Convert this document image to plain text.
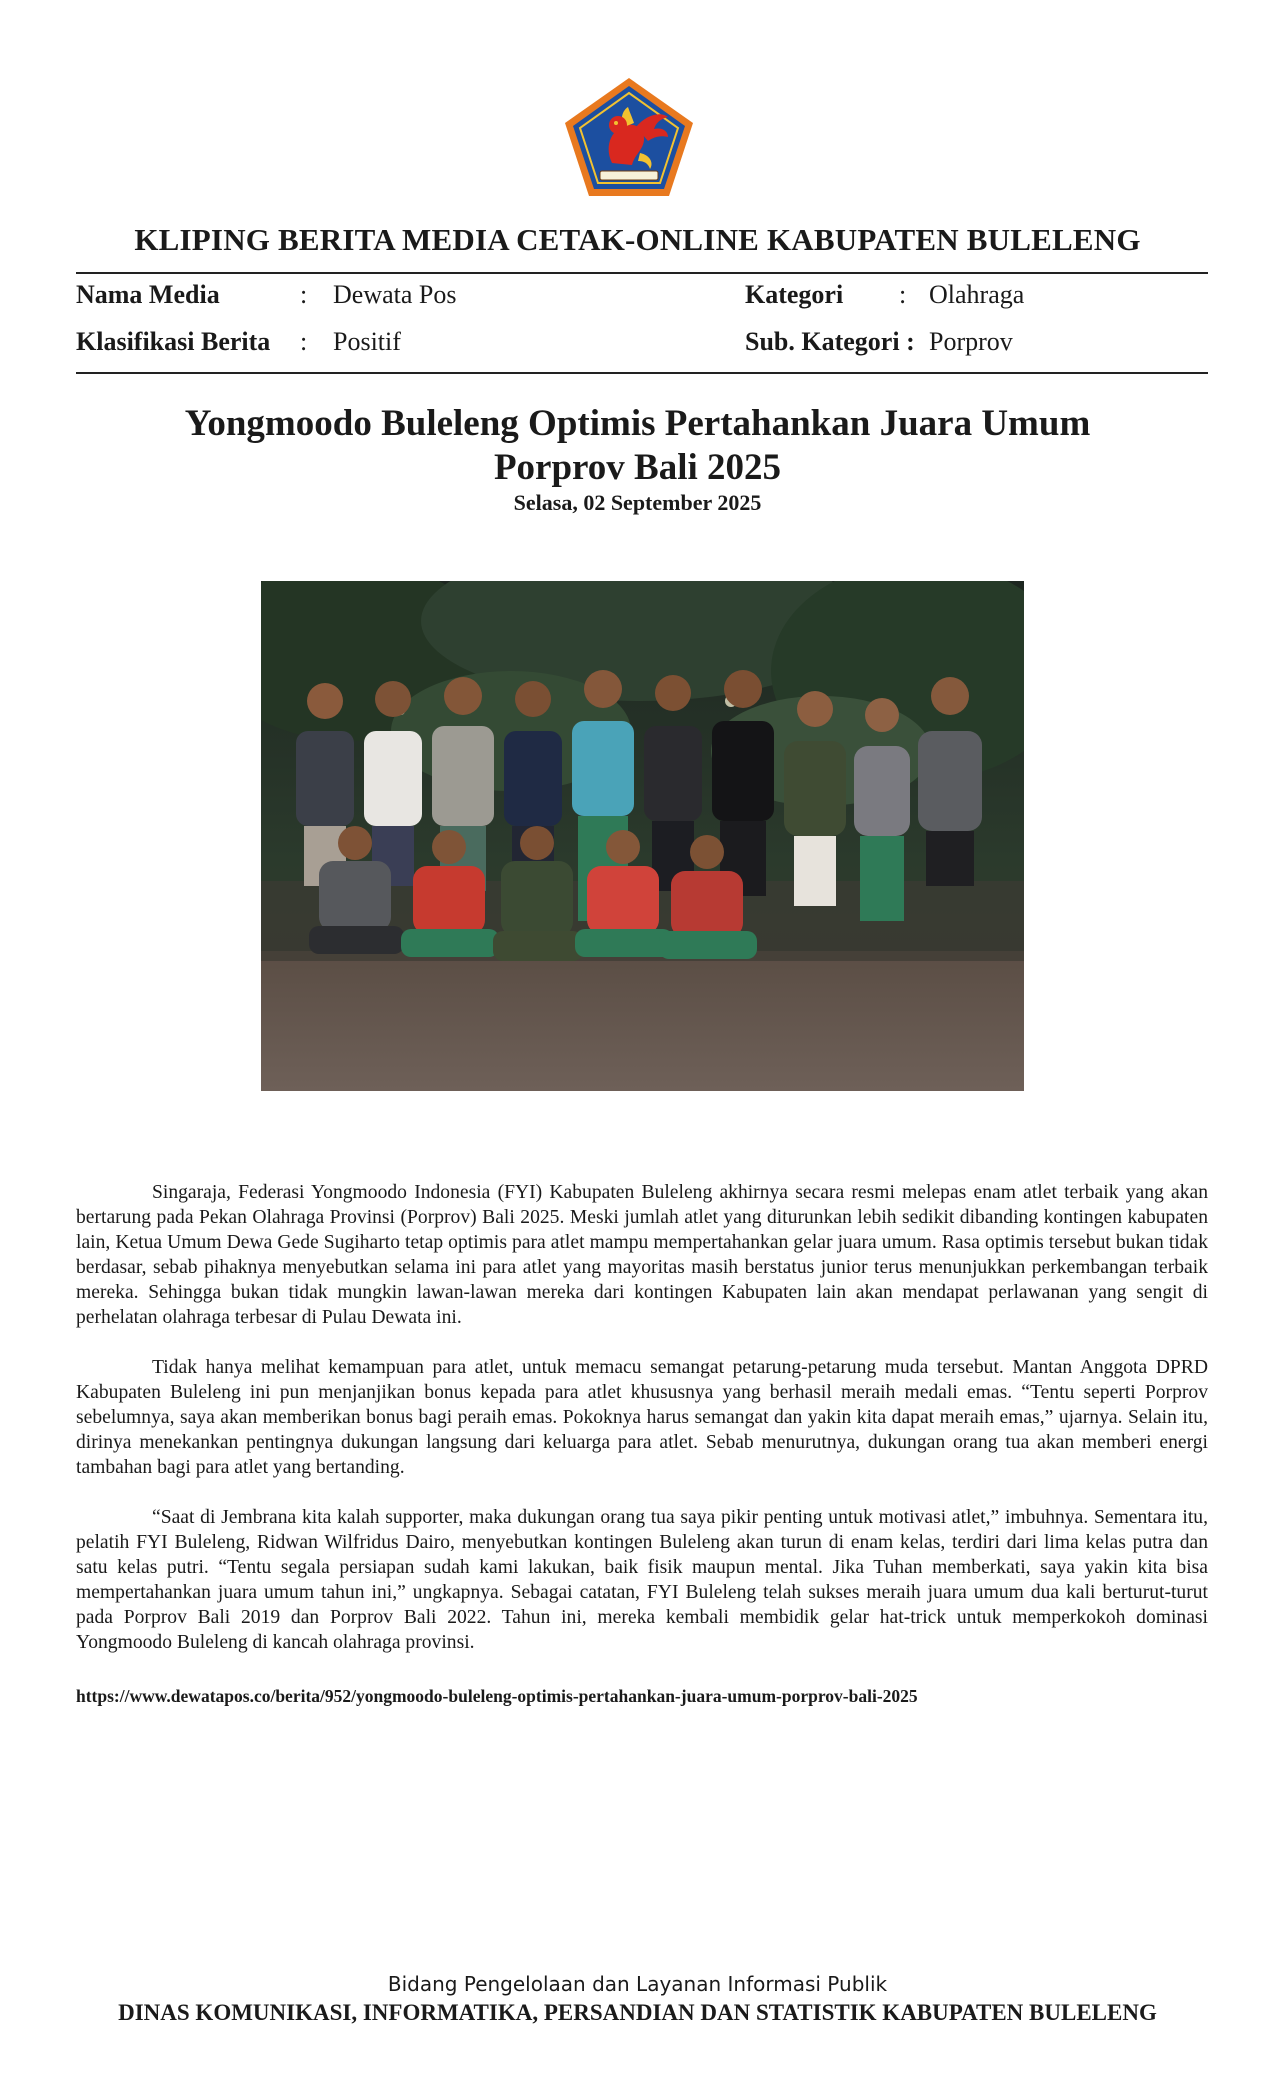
KLIPING BERITA MEDIA CETAK-ONLINE KABUPATEN BULELENG
Nama Media	: Dewata Pos	Kategori : Olahraga
Klasifikasi Berita : Positif	Sub. Kategori : Porprov
Yongmoodo Buleleng Optimis Pertahankan Juara Umum
Porprov Bali 2025
Selasa, 02 September 2025

Singaraja, Federasi Yongmoodo Indonesia (FYI) Kabupaten Buleleng akhirnya secara resmi melepas enam atlet terbaik yang akan bertarung pada Pekan Olahraga Provinsi (Porprov) Bali 2025. Meski jumlah atlet yang diturunkan lebih sedikit dibanding kontingen kabupaten lain, Ketua Umum Dewa Gede Sugiharto tetap optimis para atlet mampu mempertahankan gelar juara umum. Rasa optimis tersebut bukan tidak berdasar, sebab pihaknya menyebutkan selama ini para atlet yang mayoritas masih berstatus junior terus menunjukkan perkembangan terbaik mereka. Sehingga bukan tidak mungkin lawan-lawan mereka dari kontingen Kabupaten lain akan mendapat perlawanan yang sengit di perhelatan olahraga terbesar di Pulau Dewata ini.

Tidak hanya melihat kemampuan para atlet, untuk memacu semangat petarung-petarung muda tersebut. Mantan Anggota DPRD Kabupaten Buleleng ini pun menjanjikan bonus kepada para atlet khususnya yang berhasil meraih medali emas. “Tentu seperti Porprov sebelumnya, saya akan memberikan bonus bagi peraih emas. Pokoknya harus semangat dan yakin kita dapat meraih emas,” ujarnya. Selain itu, dirinya menekankan pentingnya dukungan langsung dari keluarga para atlet. Sebab menurutnya, dukungan orang tua akan memberi energi tambahan bagi para atlet yang bertanding.

“Saat di Jembrana kita kalah supporter, maka dukungan orang tua saya pikir penting untuk motivasi atlet,” imbuhnya. Sementara itu, pelatih FYI Buleleng, Ridwan Wilfridus Dairo, menyebutkan kontingen Buleleng akan turun di enam kelas, terdiri dari lima kelas putra dan satu kelas putri. “Tentu segala persiapan sudah kami lakukan, baik fisik maupun mental. Jika Tuhan memberkati, saya yakin kita bisa mempertahankan juara umum tahun ini,” ungkapnya. Sebagai catatan, FYI Buleleng telah sukses meraih juara umum dua kali berturut-turut pada Porprov Bali 2019 dan Porprov Bali 2022. Tahun ini, mereka kembali membidik gelar hat-trick untuk memperkokoh dominasi Yongmoodo Buleleng di kancah olahraga provinsi.

https://www.dewatapos.co/berita/952/yongmoodo-buleleng-optimis-pertahankan-juara-umum-porprov-bali-2025
Bidang Pengelolaan dan Layanan Informasi Publik
DINAS KOMUNIKASI, INFORMATIKA, PERSANDIAN DAN STATISTIK KABUPATEN BULELENG
